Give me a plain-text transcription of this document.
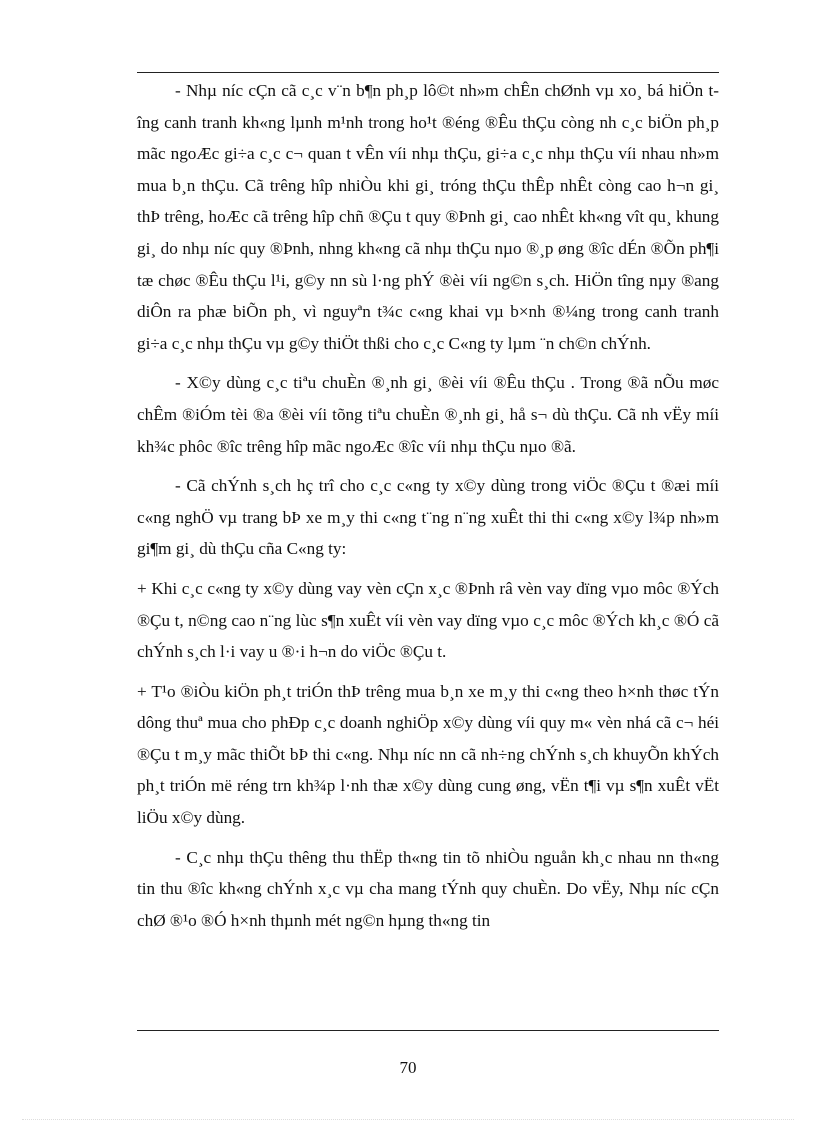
- Nhµ níc cÇn cã c¸c v¨n b¶n ph¸p lô©t nh»m chÊn chØnh vµ xo¸ bá hiÖn tîng canh tranh kh«ng lµnh m¹nh trong ho¹t ®éng ®Êu thÇu còng nh c¸c biÖn ph¸p mãc ngoÆc gi÷a c¸c c¬ quan t vÊn víi nhµ thÇu, gi÷a c¸c nhµ thÇu víi nhau nh»m mua b¸n thÇu. Cã trêng hîp nhiÒu khi gi¸ tróng thÇu thÊp nhÊt còng cao h¬n gi¸ thÞ trêng, hoÆc cã trêng hîp chñ ®Çu t quy ®Þnh gi¸ cao nhÊt kh«ng vît qu¸ khung gi¸ do nhµ níc quy ®Þnh, nhng kh«ng cã nhµ thÇu nµo ®¸p øng ®îc dÉn ®Õn ph¶i tæ chøc ®Êu thÇu l¹i, g©y nn sù l·ng phÝ ®èi víi ng©n s¸ch. HiÖn tîng nµy ®ang diÔn ra phæ biÕn ph¸ vì nguyªn t¾c c«ng khai vµ b×nh ®¼ng trong canh tranh gi÷a c¸c nhµ thÇu vµ g©y thiÖt thßi cho c¸c C«ng ty lµm ¨n ch©n chÝnh.

- X©y dùng c¸c tiªu chuÈn ®¸nh gi¸ ®èi víi ®Êu thÇu . Trong ®ã nÕu møc chÊm ®iÓm tèi ®a ®èi víi tõng tiªu chuÈn ®¸nh gi¸ hå s¬ dù thÇu. Cã nh vËy míi kh¾c phôc ®îc trêng hîp mãc ngoÆc ®îc víi nhµ thÇu nµo ®ã.

- Cã chÝnh s¸ch hç trî cho c¸c c«ng ty x©y dùng trong viÖc ®Çu t ®æi míi c«ng nghÖ vµ trang bÞ xe m¸y thi c«ng t¨ng n¨ng xuÊt thi thi c«ng x©y l¾p nh»m gi¶m gi¸ dù thÇu cña C«ng ty:

+ Khi c¸c c«ng ty x©y dùng vay vèn cÇn x¸c ®Þnh râ vèn vay dïng vµo môc ®Ých ®Çu t, n©ng cao n¨ng lùc s¶n xuÊt víi vèn vay dïng vµo c¸c môc ®Ých kh¸c ®Ó cã chÝnh s¸ch l·i vay u ®·i h¬n do viÖc ®Çu t.

+ T¹o ®iÒu kiÖn ph¸t triÓn thÞ trêng mua b¸n xe m¸y thi c«ng theo h×nh thøc tÝn dông thuª mua cho phÐp c¸c doanh nghiÖp x©y dùng víi quy m« vèn nhá cã c¬ héi ®Çu t m¸y mãc thiÕt bÞ thi c«ng. Nhµ níc nn cã nh÷ng chÝnh s¸ch khuyÕn khÝch ph¸t triÓn më réng trn kh¾p l·nh thæ x©y dùng cung øng, vËn t¶i vµ s¶n xuÊt vËt liÖu x©y dùng.

- C¸c nhµ thÇu thêng thu thËp th«ng tin tõ nhiÒu nguån kh¸c nhau nn th«ng tin thu ®îc kh«ng chÝnh x¸c vµ cha mang tÝnh quy chuÈn. Do vËy, Nhµ níc cÇn chØ ®¹o ®Ó h×nh thµnh mét ng©n hµng th«ng tin

70
